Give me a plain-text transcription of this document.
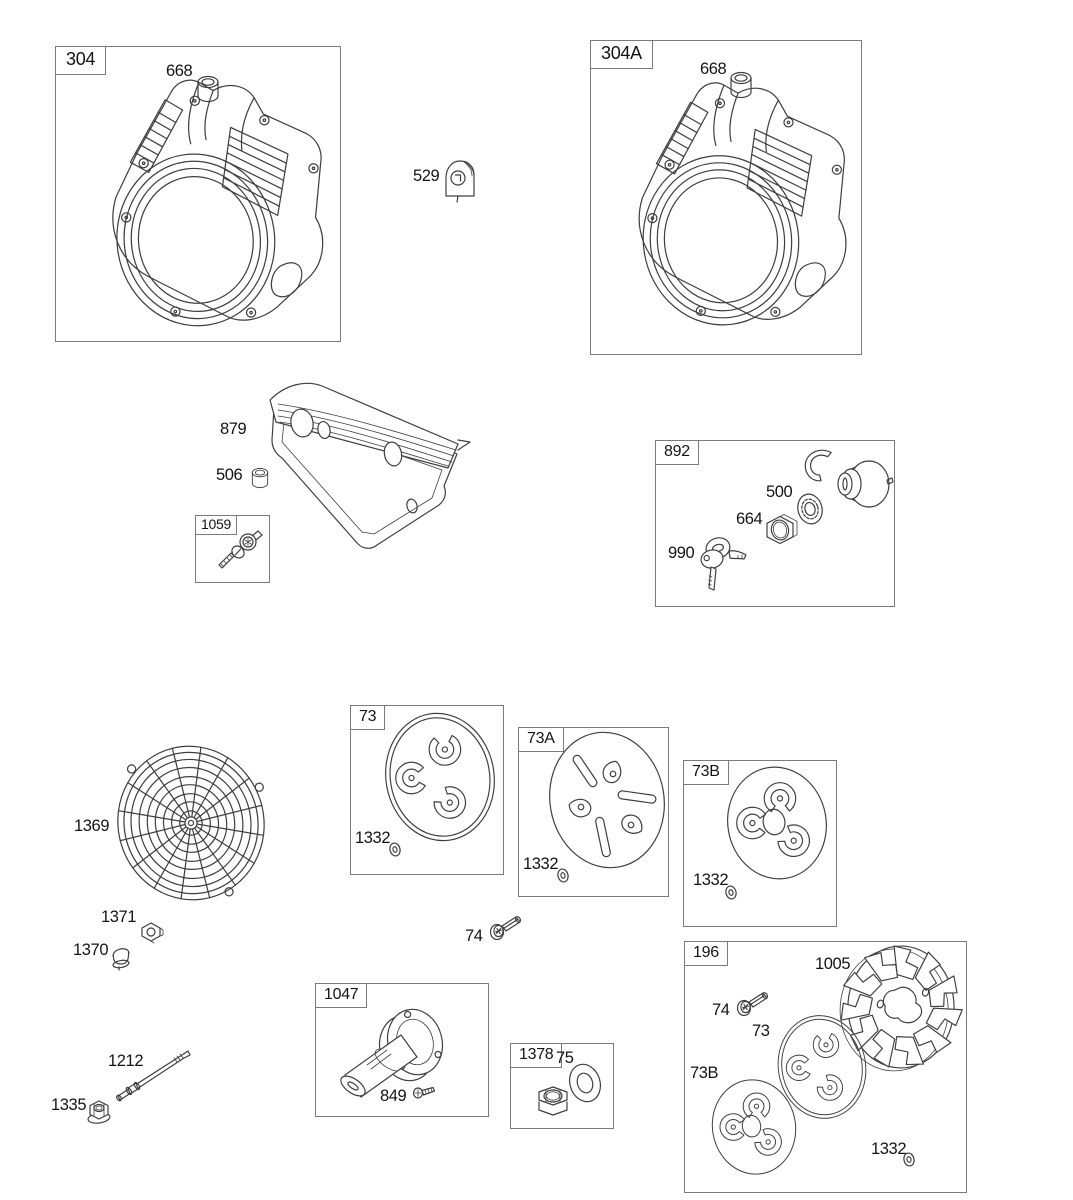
304	304A
1059
892
73
73A
73B
196
1047
1378
668	668
529
879
506
500
664
990
1369
1332
1332
1332
1371
1370
74
1005
74
73
73B
1332
849
75
1212
1335
